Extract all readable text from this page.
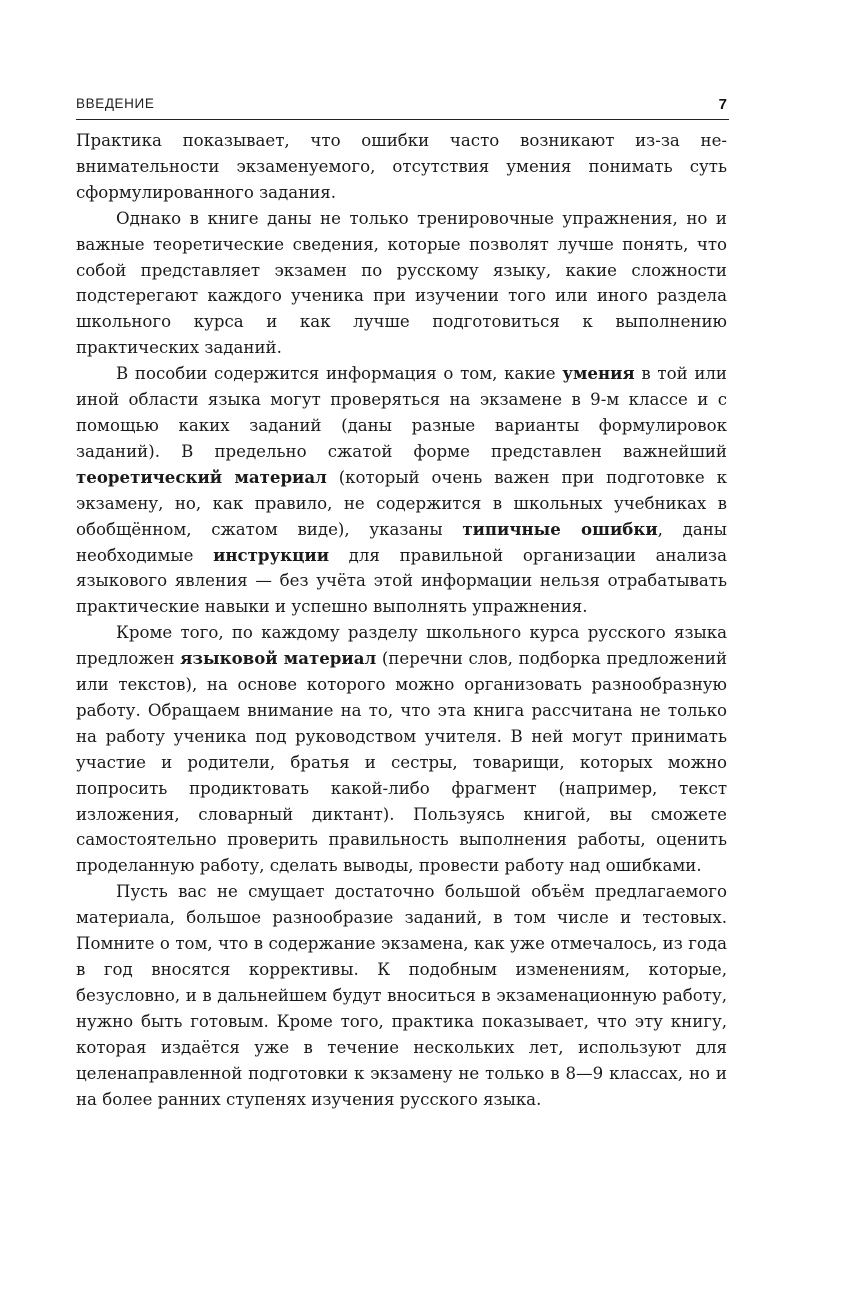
ВВЕДЕНИЕ	7

Практика показывает, что ошибки часто возникают из-за невнимательности экзаменуемого, отсутствия умения понимать суть сформулированного задания.

Однако в книге даны не только тренировочные упражнения, но и важные теоретические сведения, которые позволят лучше понять, что собой представляет экзамен по русскому языку, какие сложности подстерегают каждого ученика при изучении того или иного раздела школьного курса и как лучше подготовиться к выполнению практических заданий.

В пособии содержится информация о том, какие умения в той или иной области языка могут проверяться на экзамене в 9-м классе и с помощью каких заданий (даны разные варианты формулировок заданий). В предельно сжатой форме представлен важнейший теоретический материал (который очень важен при подготовке к экзамену, но, как правило, не содержится в школьных учебниках в обобщённом, сжатом виде), указаны типичные ошибки, даны необходимые инструкции для правильной организации анализа языкового явления — без учёта этой информации нельзя отрабатывать практические навыки и успешно выполнять упражнения.

Кроме того, по каждому разделу школьного курса русского языка предложен языковой материал (перечни слов, подборка предложений или текстов), на основе которого можно организовать разнообразную работу. Обращаем внимание на то, что эта книга рассчитана не только на работу ученика под руководством учителя. В ней могут принимать участие и родители, братья и сестры, товарищи, которых можно попросить продиктовать какой-либо фрагмент (например, текст изложения, словарный диктант). Пользуясь книгой, вы сможете самостоятельно проверить правильность выполнения работы, оценить проделанную работу, сделать выводы, провести работу над ошибками.

Пусть вас не смущает достаточно большой объём предлагаемого материала, большое разнообразие заданий, в том числе и тестовых. Помните о том, что в содержание экзамена, как уже отмечалось, из года в год вносятся коррективы. К подобным изменениям, которые, безусловно, и в дальнейшем будут вноситься в экзаменационную работу, нужно быть готовым. Кроме того, практика показывает, что эту книгу, которая издаётся уже в течение нескольких лет, используют для целенаправленной подготовки к экзамену не только в 8—9 классах, но и на более ранних ступенях изучения русского языка.
